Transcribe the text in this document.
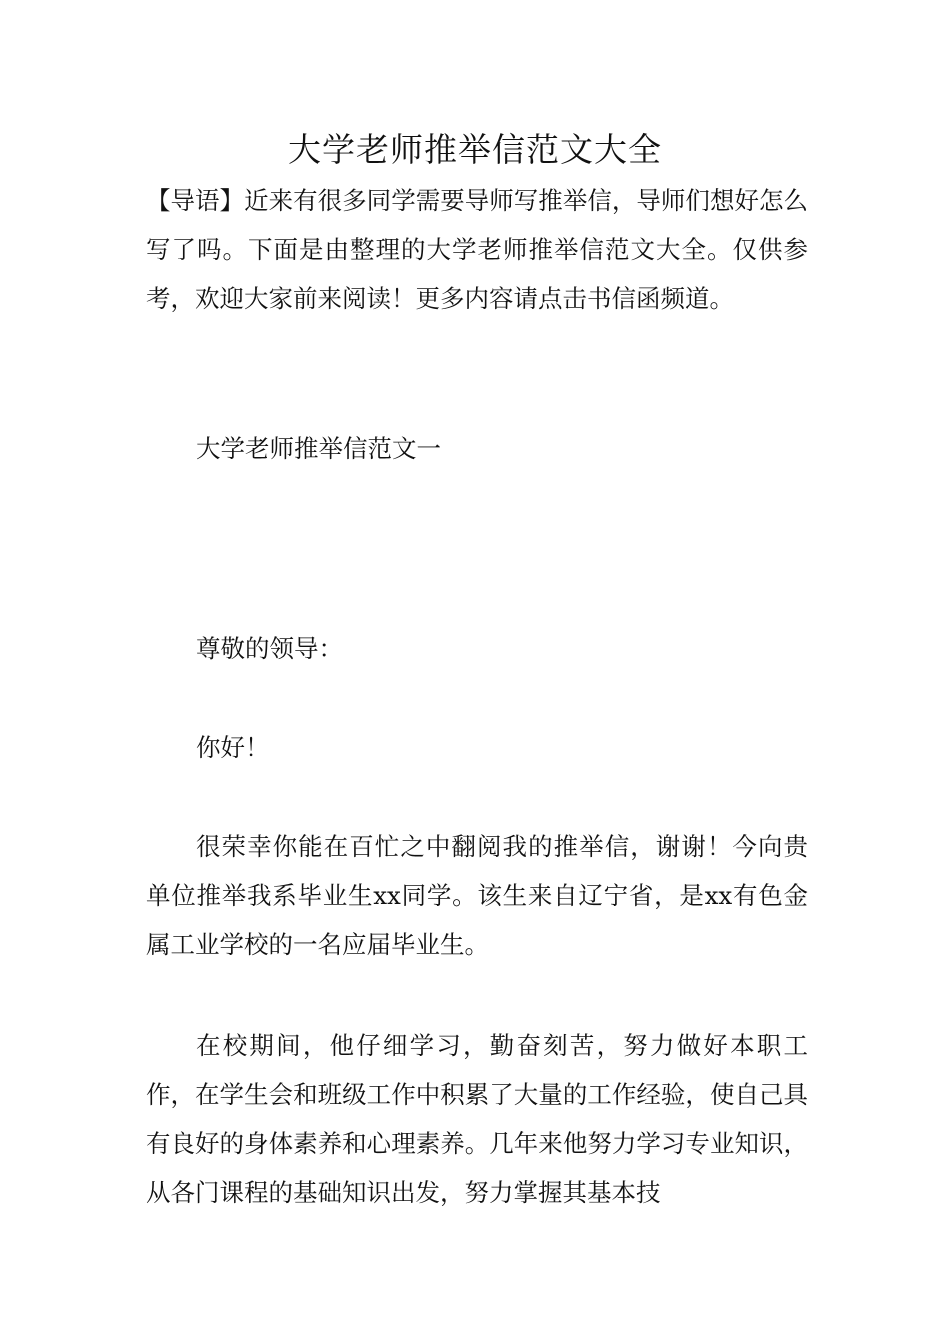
大学老师推举信范文大全

【导语】近来有很多同学需要导师写推举信，导师们想好怎么写了吗。下面是由整理的大学老师推举信范文大全。仅供参考，欢迎大家前来阅读！更多内容请点击书信函频道。

大学老师推举信范文一

尊敬的领导：

你好！

很荣幸你能在百忙之中翻阅我的推举信，谢谢！今向贵单位推举我系毕业生xx同学。该生来自辽宁省，是xx有色金属工业学校的一名应届毕业生。

在校期间，他仔细学习，勤奋刻苦，努力做好本职工作，在学生会和班级工作中积累了大量的工作经验，使自己具有良好的身体素养和心理素养。几年来他努力学习专业知识，从各门课程的基础知识出发，努力掌握其基本技
